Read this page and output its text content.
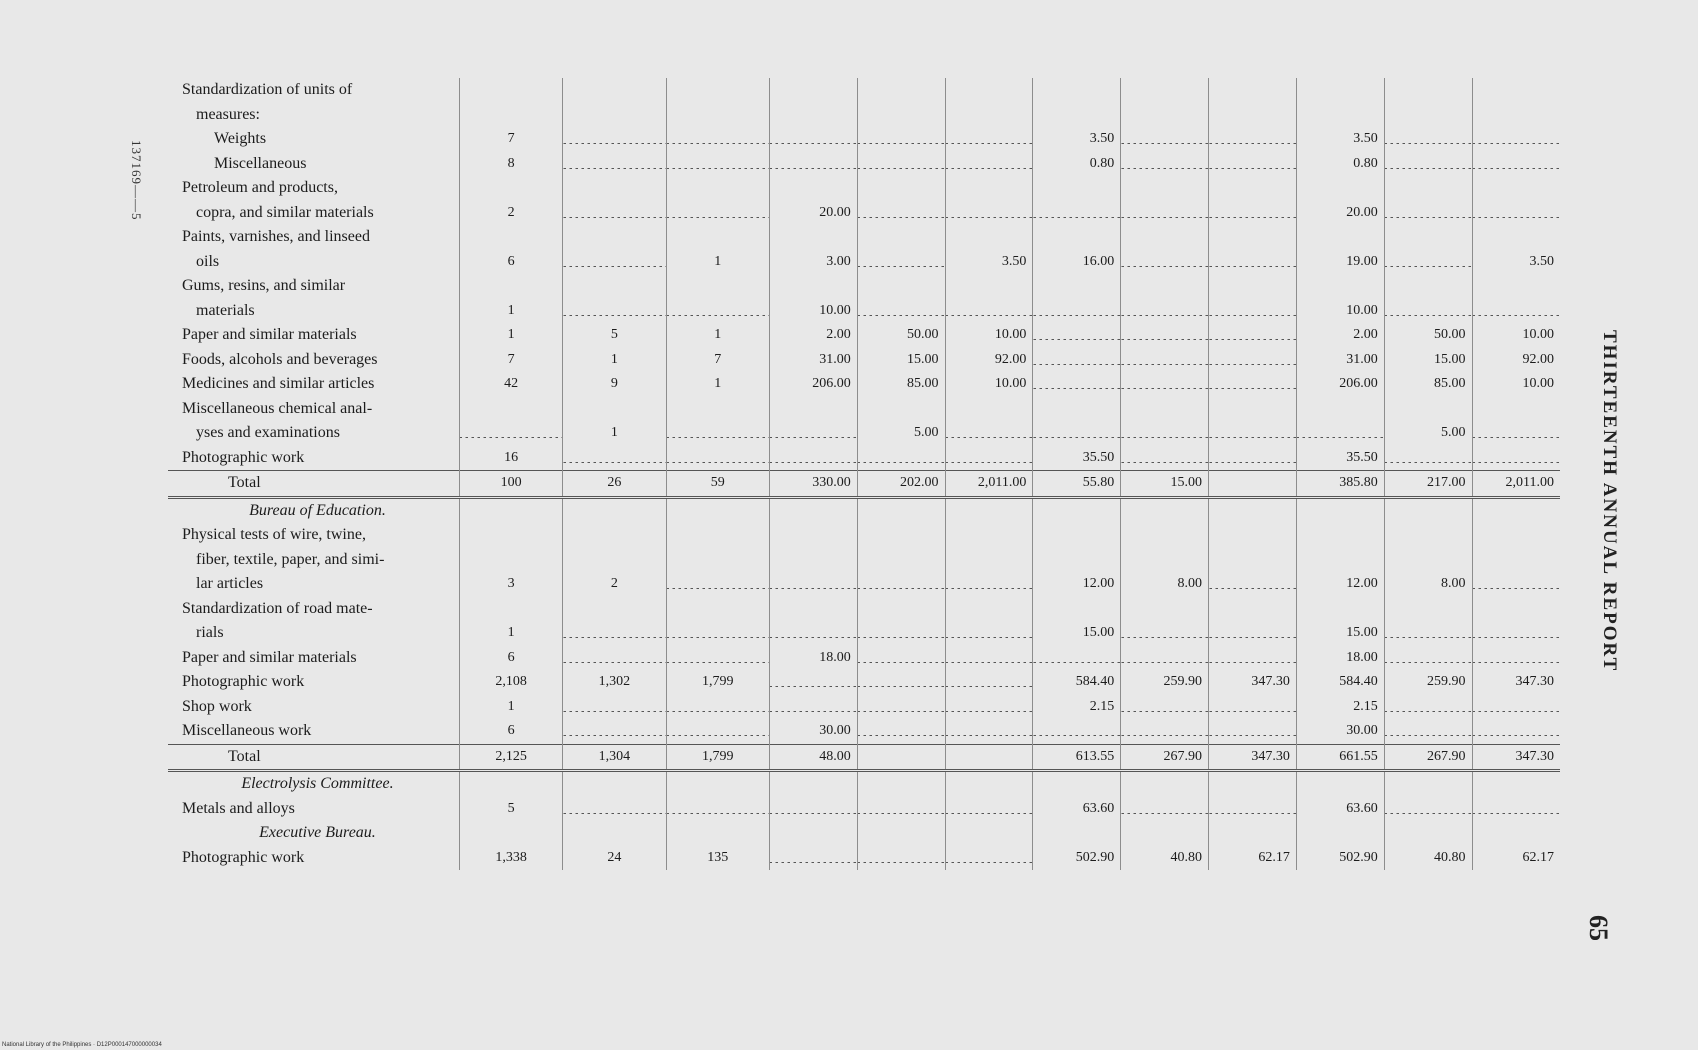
137169——5
THIRTEENTH ANNUAL REPORT
65
Standardization of units of												
measures:												
Weights	7						3.50			3.50		
Miscellaneous	8						0.80			0.80		
Petroleum and products,												
copra, and similar materials	2			20.00						20.00		
Paints, varnishes, and linseed												
oils	6		1	3.00		3.50	16.00			19.00		3.50
Gums, resins, and similar												
materials	1			10.00						10.00		
Paper and similar materials	1	5	1	2.00	50.00	10.00				2.00	50.00	10.00
Foods, alcohols and beverages	7	1	7	31.00	15.00	92.00				31.00	15.00	92.00
Medicines and similar articles	42	9	1	206.00	85.00	10.00				206.00	85.00	10.00
Miscellaneous chemical anal-												
yses and examinations		1			5.00						5.00	
Photographic work	16						35.50			35.50		
Total	100	26	59	330.00	202.00	2,011.00	55.80	15.00		385.80	217.00	2,011.00
Bureau of Education.												
Physical tests of wire, twine,												
fiber, textile, paper, and simi-												
lar articles	3	2					12.00	8.00		12.00	8.00	
Standardization of road mate-												
rials	1						15.00			15.00		
Paper and similar materials	6			18.00						18.00		
Photographic work	2,108	1,302	1,799				584.40	259.90	347.30	584.40	259.90	347.30
Shop work	1						2.15			2.15		
Miscellaneous work	6			30.00						30.00		
Total	2,125	1,304	1,799	48.00			613.55	267.90	347.30	661.55	267.90	347.30
Electrolysis Committee.												
Metals and alloys	5						63.60			63.60		
Executive Bureau.												
Photographic work	1,338	24	135				502.90	40.80	62.17	502.90	40.80	62.17
National Library of the Philippines · D12P000147000000034
